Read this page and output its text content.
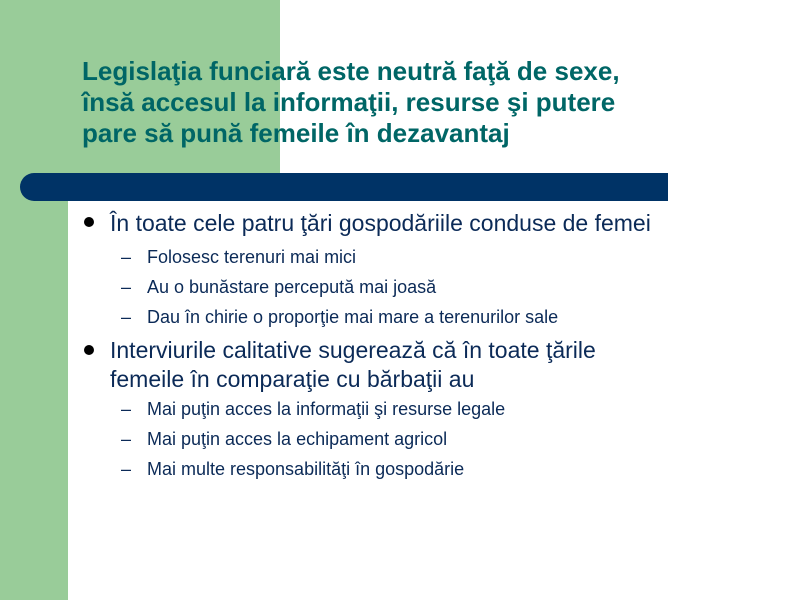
Legislaţia funciară este neutră faţă de sexe,
însă accesul la informaţii, resurse şi putere
pare să pună femeile în dezavantaj
În toate cele patru ţări gospodăriile conduse de femei
– Folosesc terenuri mai mici
– Au o bunăstare percepută mai joasă
– Dau în chirie o proporţie mai mare a terenurilor sale
Interviurile calitative sugerează că în toate ţările
femeile în comparaţie cu bărbaţii au
– Mai puţin acces la informaţii şi resurse legale
– Mai puţin acces la echipament agricol
– Mai multe responsabilităţi în gospodărie
